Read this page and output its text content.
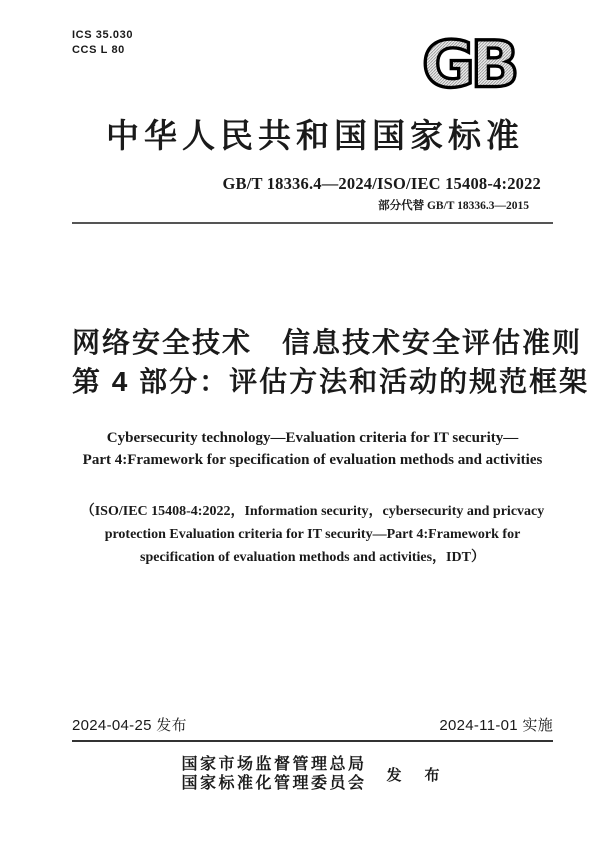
ICS 35.030
CCS L 80	GB
中华人民共和国国家标准
GB/T 18336.4—2024/ISO/IEC 15408-4:2022
部分代替 GB/T 18336.3—2015
网络安全技术　信息技术安全评估准则
第 4 部分：评估方法和活动的规范框架
Cybersecurity technology—Evaluation criteria for IT security—
Part 4:Framework for specification of evaluation methods and activities
（ISO/IEC 15408-4:2022，Information security，cybersecurity and pricvacy
protection Evaluation criteria for IT security—Part 4:Framework for
specification of evaluation methods and activities，IDT）
2024-04-25 发布	2024-11-01 实施
国家市场监督管理总局
国家标准化管理委员会 发　布
